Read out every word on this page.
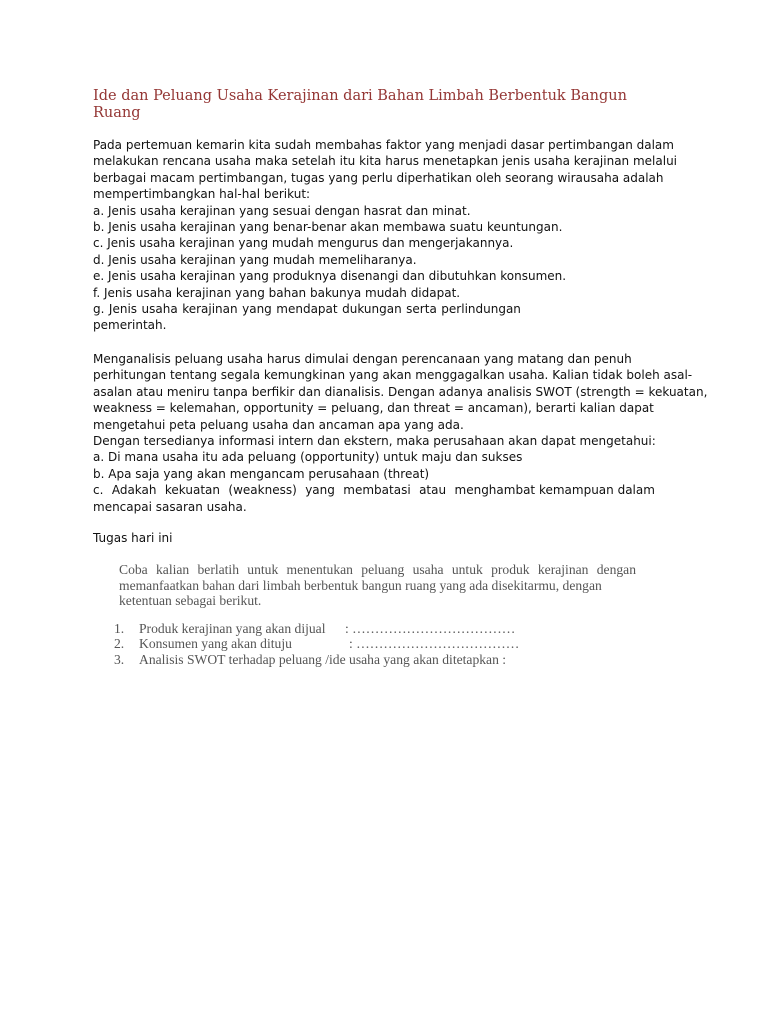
Ide dan Peluang Usaha Kerajinan dari Bahan Limbah Berbentuk Bangun
Ruang
Pada pertemuan kemarin kita sudah membahas faktor yang menjadi dasar pertimbangan dalam
melakukan rencana usaha maka setelah itu kita harus menetapkan jenis usaha kerajinan melalui
berbagai macam pertimbangan, tugas yang perlu diperhatikan oleh seorang wirausaha adalah
mempertimbangkan hal-hal berikut:
a. Jenis usaha kerajinan yang sesuai dengan hasrat dan minat.
b. Jenis usaha kerajinan yang benar-benar akan membawa suatu keuntungan.
c. Jenis usaha kerajinan yang mudah mengurus dan mengerjakannya.
d. Jenis usaha kerajinan yang mudah memeliharanya.
e. Jenis usaha kerajinan yang produknya disenangi dan dibutuhkan konsumen.
f. Jenis usaha kerajinan yang bahan bakunya mudah didapat.
g. Jenis usaha kerajinan yang mendapat dukungan serta perlindungan
pemerintah.
Menganalisis peluang usaha harus dimulai dengan perencanaan yang matang dan penuh
perhitungan tentang segala kemungkinan yang akan menggagalkan usaha. Kalian tidak boleh asal-
asalan atau meniru tanpa berfikir dan dianalisis. Dengan adanya analisis SWOT (strength = kekuatan,
weakness = kelemahan, opportunity = peluang, dan threat = ancaman), berarti kalian dapat
mengetahui peta peluang usaha dan ancaman apa yang ada.
Dengan tersedianya informasi intern dan ekstern, maka perusahaan akan dapat mengetahui:
a. Di mana usaha itu ada peluang (opportunity) untuk maju dan sukses
b. Apa saja yang akan mengancam perusahaan (threat)
c. Adakah kekuatan (weakness) yang membatasi atau menghambat kemampuan dalam
mencapai sasaran usaha.
Tugas hari ini
Coba kalian berlatih untuk menentukan peluang usaha untuk produk kerajinan dengan
memanfaatkan bahan dari limbah berbentuk bangun ruang yang ada disekitarmu, dengan
ketentuan sebagai berikut.
1. Produk kerajinan yang akan dijual : ………………………………
2. Konsumen yang akan dituju	: ………………………………
3. Analisis SWOT terhadap peluang /ide usaha yang akan ditetapkan :
